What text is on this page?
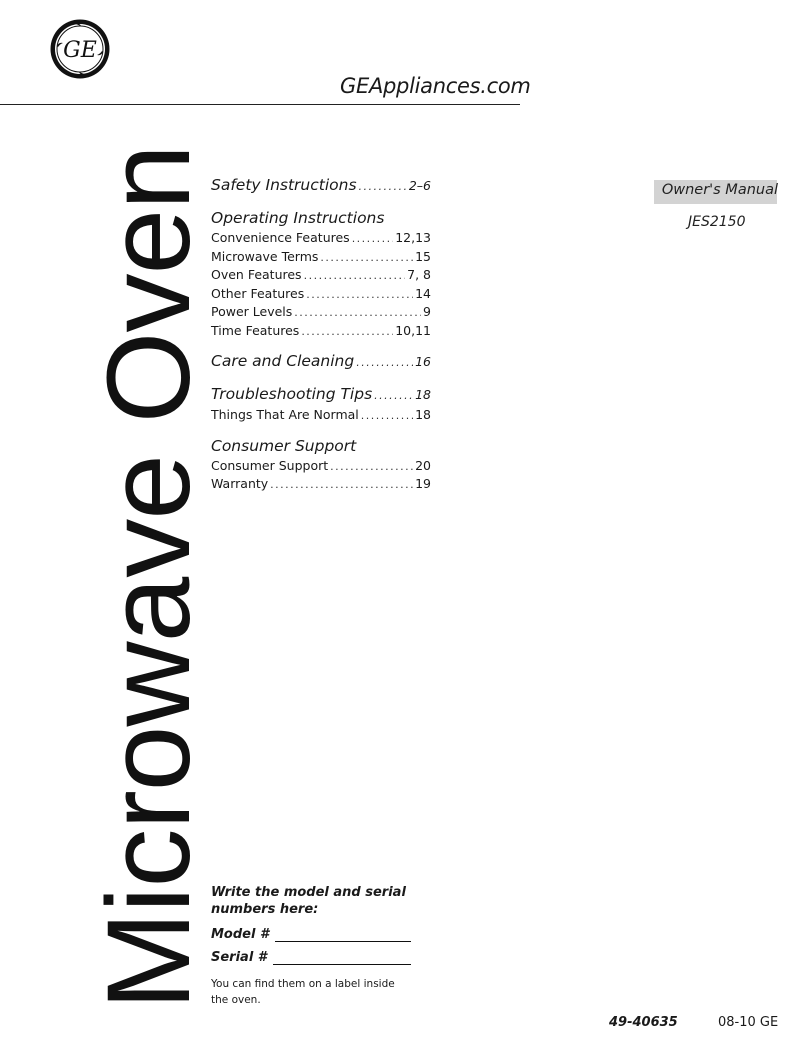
GE
GEAppliances.com
Microwave Oven
Safety Instructions .....	2–6
Operating Instructions
Convenience Features .....	12,13
Microwave Terms .....	15
Oven Features .....	7, 8
Other Features .....	14
Power Levels .....	9
Time Features .....	10,11
Care and Cleaning .....	16
Troubleshooting Tips .....	18
Things That Are Normal .....	18
Consumer Support
Consumer Support .....	20
Warranty .....	19
Owner's Manual
JES2150
Write the model and serial numbers here:
Model #
Serial #
You can find them on a label inside the oven.
49-40635	08-10 GE
